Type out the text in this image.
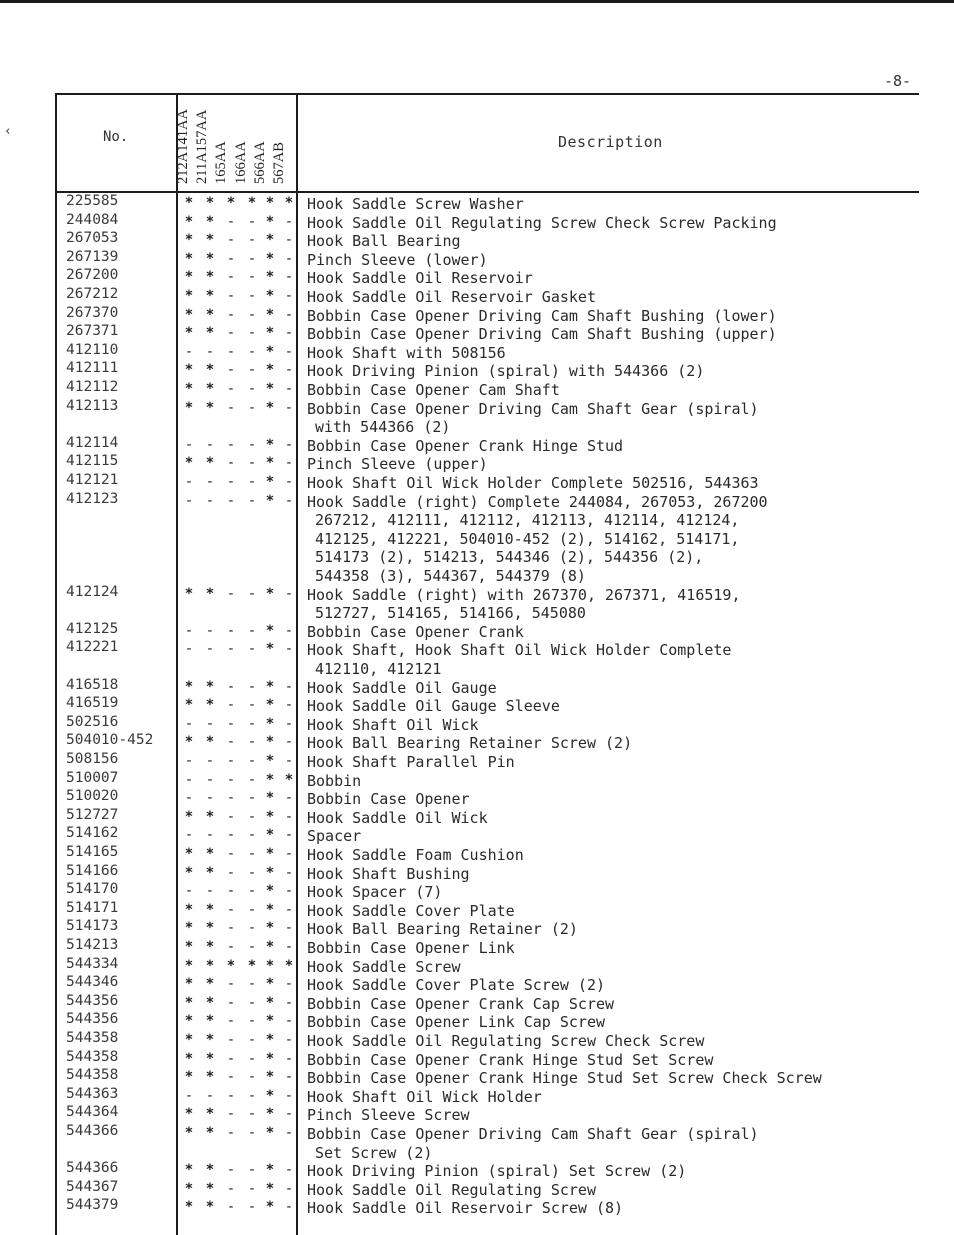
-8-
‹	No.	Description
212A141AA 211A157AA 165AA 166AA 566AA 567AB
225585	* * * * * * Hook Saddle Screw Washer
244084	* * - - * - Hook Saddle Oil Regulating Screw Check Screw Packing
267053	* * - - * - Hook Ball Bearing
267139	* * - - * - Pinch Sleeve (lower)
267200	* * - - * - Hook Saddle Oil Reservoir
267212	* * - - * - Hook Saddle Oil Reservoir Gasket
267370	* * - - * - Bobbin Case Opener Driving Cam Shaft Bushing (lower)
267371	* * - - * - Bobbin Case Opener Driving Cam Shaft Bushing (upper)
412110	- - - - * - Hook Shaft with 508156
412111	* * - - * - Hook Driving Pinion (spiral) with 544366 (2)
412112	* * - - * - Bobbin Case Opener Cam Shaft
412113	* * - - * - Bobbin Case Opener Driving Cam Shaft Gear (spiral)
with 544366 (2)
412114	- - - - * - Bobbin Case Opener Crank Hinge Stud
412115	* * - - * - Pinch Sleeve (upper)
412121	- - - - * - Hook Shaft Oil Wick Holder Complete 502516, 544363
412123	- - - - * - Hook Saddle (right) Complete 244084, 267053, 267200
267212, 412111, 412112, 412113, 412114, 412124,
412125, 412221, 504010-452 (2), 514162, 514171,
514173 (2), 514213, 544346 (2), 544356 (2),
544358 (3), 544367, 544379 (8)
412124	* * - - * - Hook Saddle (right) with 267370, 267371, 416519,
512727, 514165, 514166, 545080
412125	- - - - * - Bobbin Case Opener Crank
412221	- - - - * - Hook Shaft, Hook Shaft Oil Wick Holder Complete
412110, 412121
416518	* * - - * - Hook Saddle Oil Gauge
416519	* * - - * - Hook Saddle Oil Gauge Sleeve
502516	- - - - * - Hook Shaft Oil Wick
504010-452 * * - - * - Hook Ball Bearing Retainer Screw (2)
508156	- - - - * - Hook Shaft Parallel Pin
510007	- - - - * * Bobbin
510020	- - - - * - Bobbin Case Opener
512727	* * - - * - Hook Saddle Oil Wick
514162	- - - - * - Spacer
514165	* * - - * - Hook Saddle Foam Cushion
514166	* * - - * - Hook Shaft Bushing
514170	- - - - * - Hook Spacer (7)
514171	* * - - * - Hook Saddle Cover Plate
514173	* * - - * - Hook Ball Bearing Retainer (2)
514213	* * - - * - Bobbin Case Opener Link
544334	* * * * * * Hook Saddle Screw
544346	* * - - * - Hook Saddle Cover Plate Screw (2)
544356	* * - - * - Bobbin Case Opener Crank Cap Screw
544356	* * - - * - Bobbin Case Opener Link Cap Screw
544358	* * - - * - Hook Saddle Oil Regulating Screw Check Screw
544358	* * - - * - Bobbin Case Opener Crank Hinge Stud Set Screw
544358	* * - - * - Bobbin Case Opener Crank Hinge Stud Set Screw Check Screw
544363	- - - - * - Hook Shaft Oil Wick Holder
544364	* * - - * - Pinch Sleeve Screw
544366	* * - - * - Bobbin Case Opener Driving Cam Shaft Gear (spiral)
Set Screw (2)
544366	* * - - * - Hook Driving Pinion (spiral) Set Screw (2)
544367	* * - - * - Hook Saddle Oil Regulating Screw
544379	* * - - * - Hook Saddle Oil Reservoir Screw (8)
